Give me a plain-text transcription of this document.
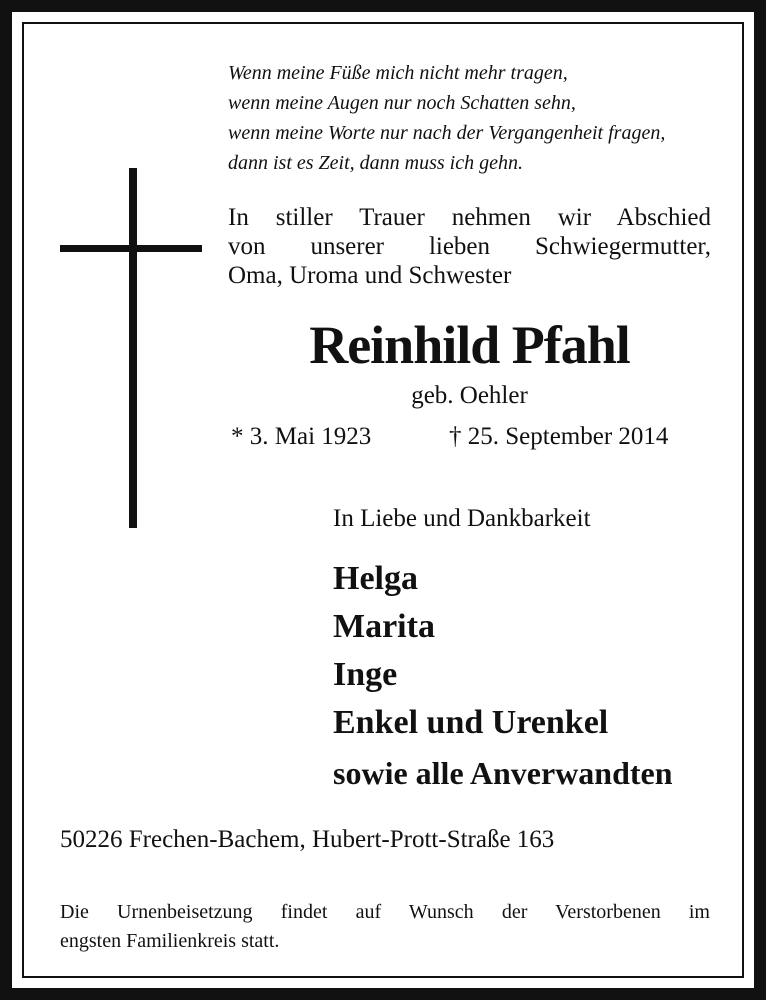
Wenn meine Füße mich nicht mehr tragen,
wenn meine Augen nur noch Schatten sehn,
wenn meine Worte nur nach der Vergangenheit fragen,
dann ist es Zeit, dann muss ich gehn.
In stiller Trauer nehmen wir Abschied
von unserer lieben Schwiegermutter,
Oma, Uroma und Schwester
Reinhild Pfahl
geb. Oehler
* 3. Mai 1923	† 25. September 2014
In Liebe und Dankbarkeit
Helga
Marita
Inge
Enkel und Urenkel
sowie alle Anverwandten
50226 Frechen-Bachem, Hubert-Prott-Straße 163
Die Urnenbeisetzung findet auf Wunsch der Verstorbenen im
engsten Familienkreis statt.
